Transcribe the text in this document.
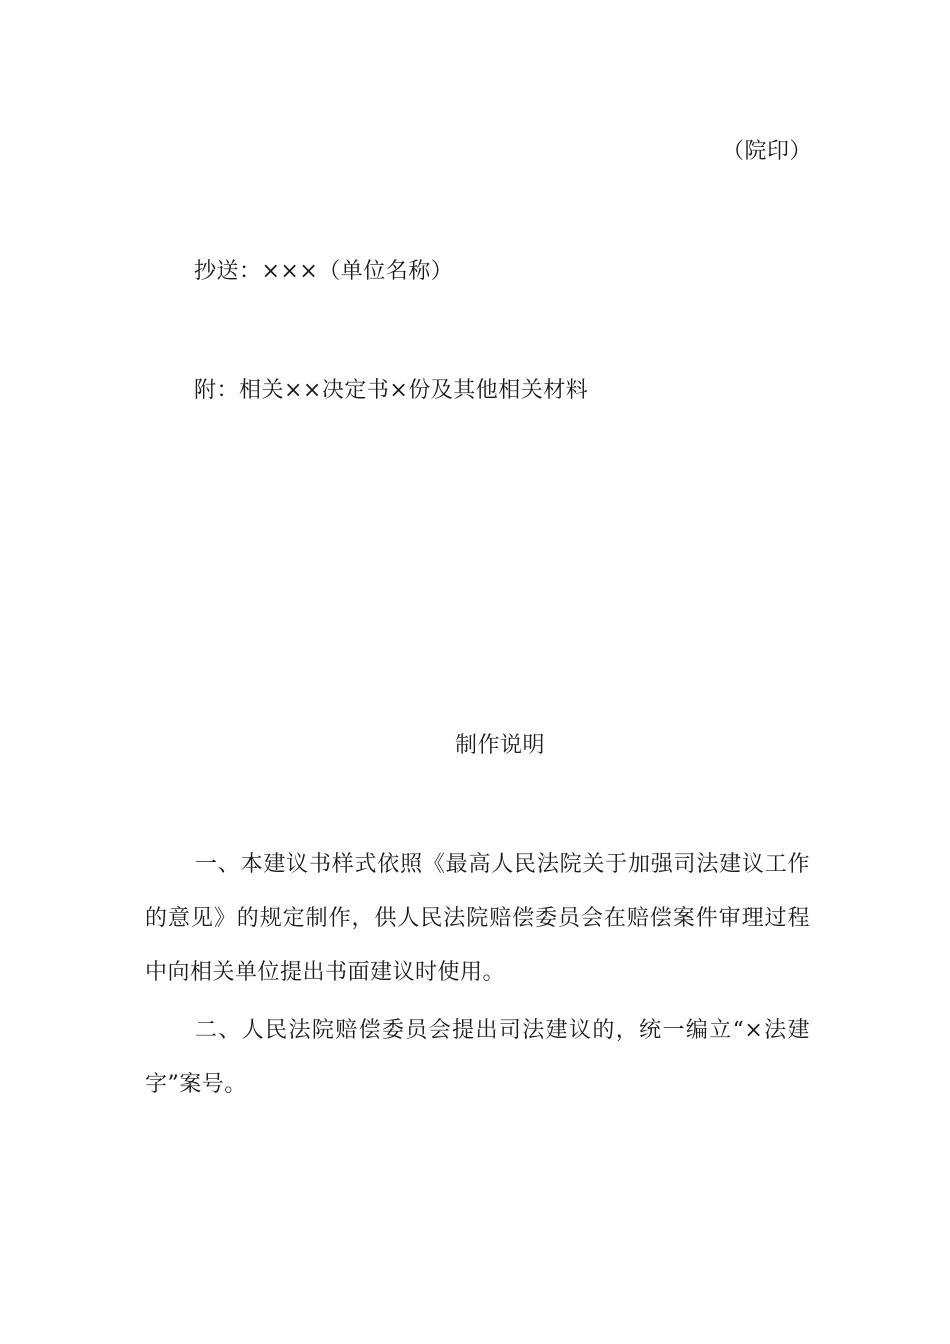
（院印）
抄送：×××（单位名称）
附：相关××决定书×份及其他相关材料
制作说明
一、本建议书样式依照《最高人民法院关于加强司法建议工作的意见》的规定制作，供人民法院赔偿委员会在赔偿案件审理过程中向相关单位提出书面建议时使用。
二、人民法院赔偿委员会提出司法建议的，统一编立“×法建字”案号。
